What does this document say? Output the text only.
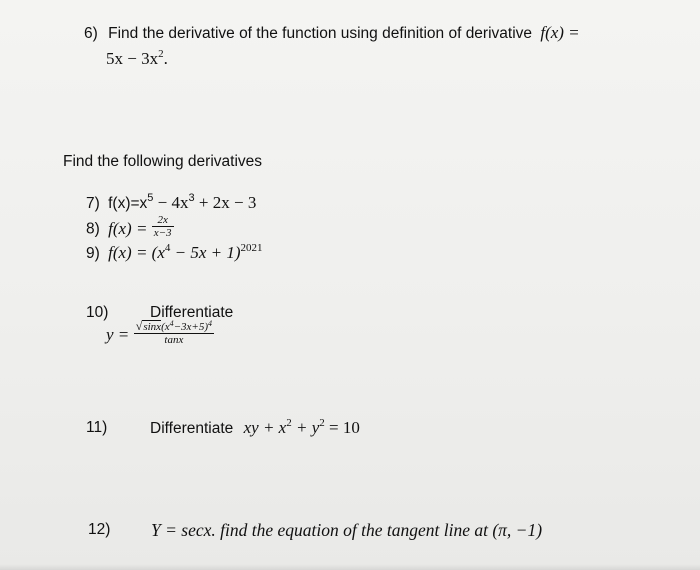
6) Find the derivative of the function using definition of derivative f(x) =
$5x - 3x^2$.
Find the following derivatives
7) $f(x)=x^5 - 4x^3 + 2x - 3$
8) $f(x) = \frac{2x}{x-3}$
9) $f(x) = (x^4 - 5x + 1)^{2021}$
10)	Differentiate
$y = \frac{√\sin x(x^4-3x+5)^4}{\tan x}$
11)	Differentiate xy + $x^2 + y^2 = 10$
12) Y = secx. find the equation of the tangent line at (π, −1)
